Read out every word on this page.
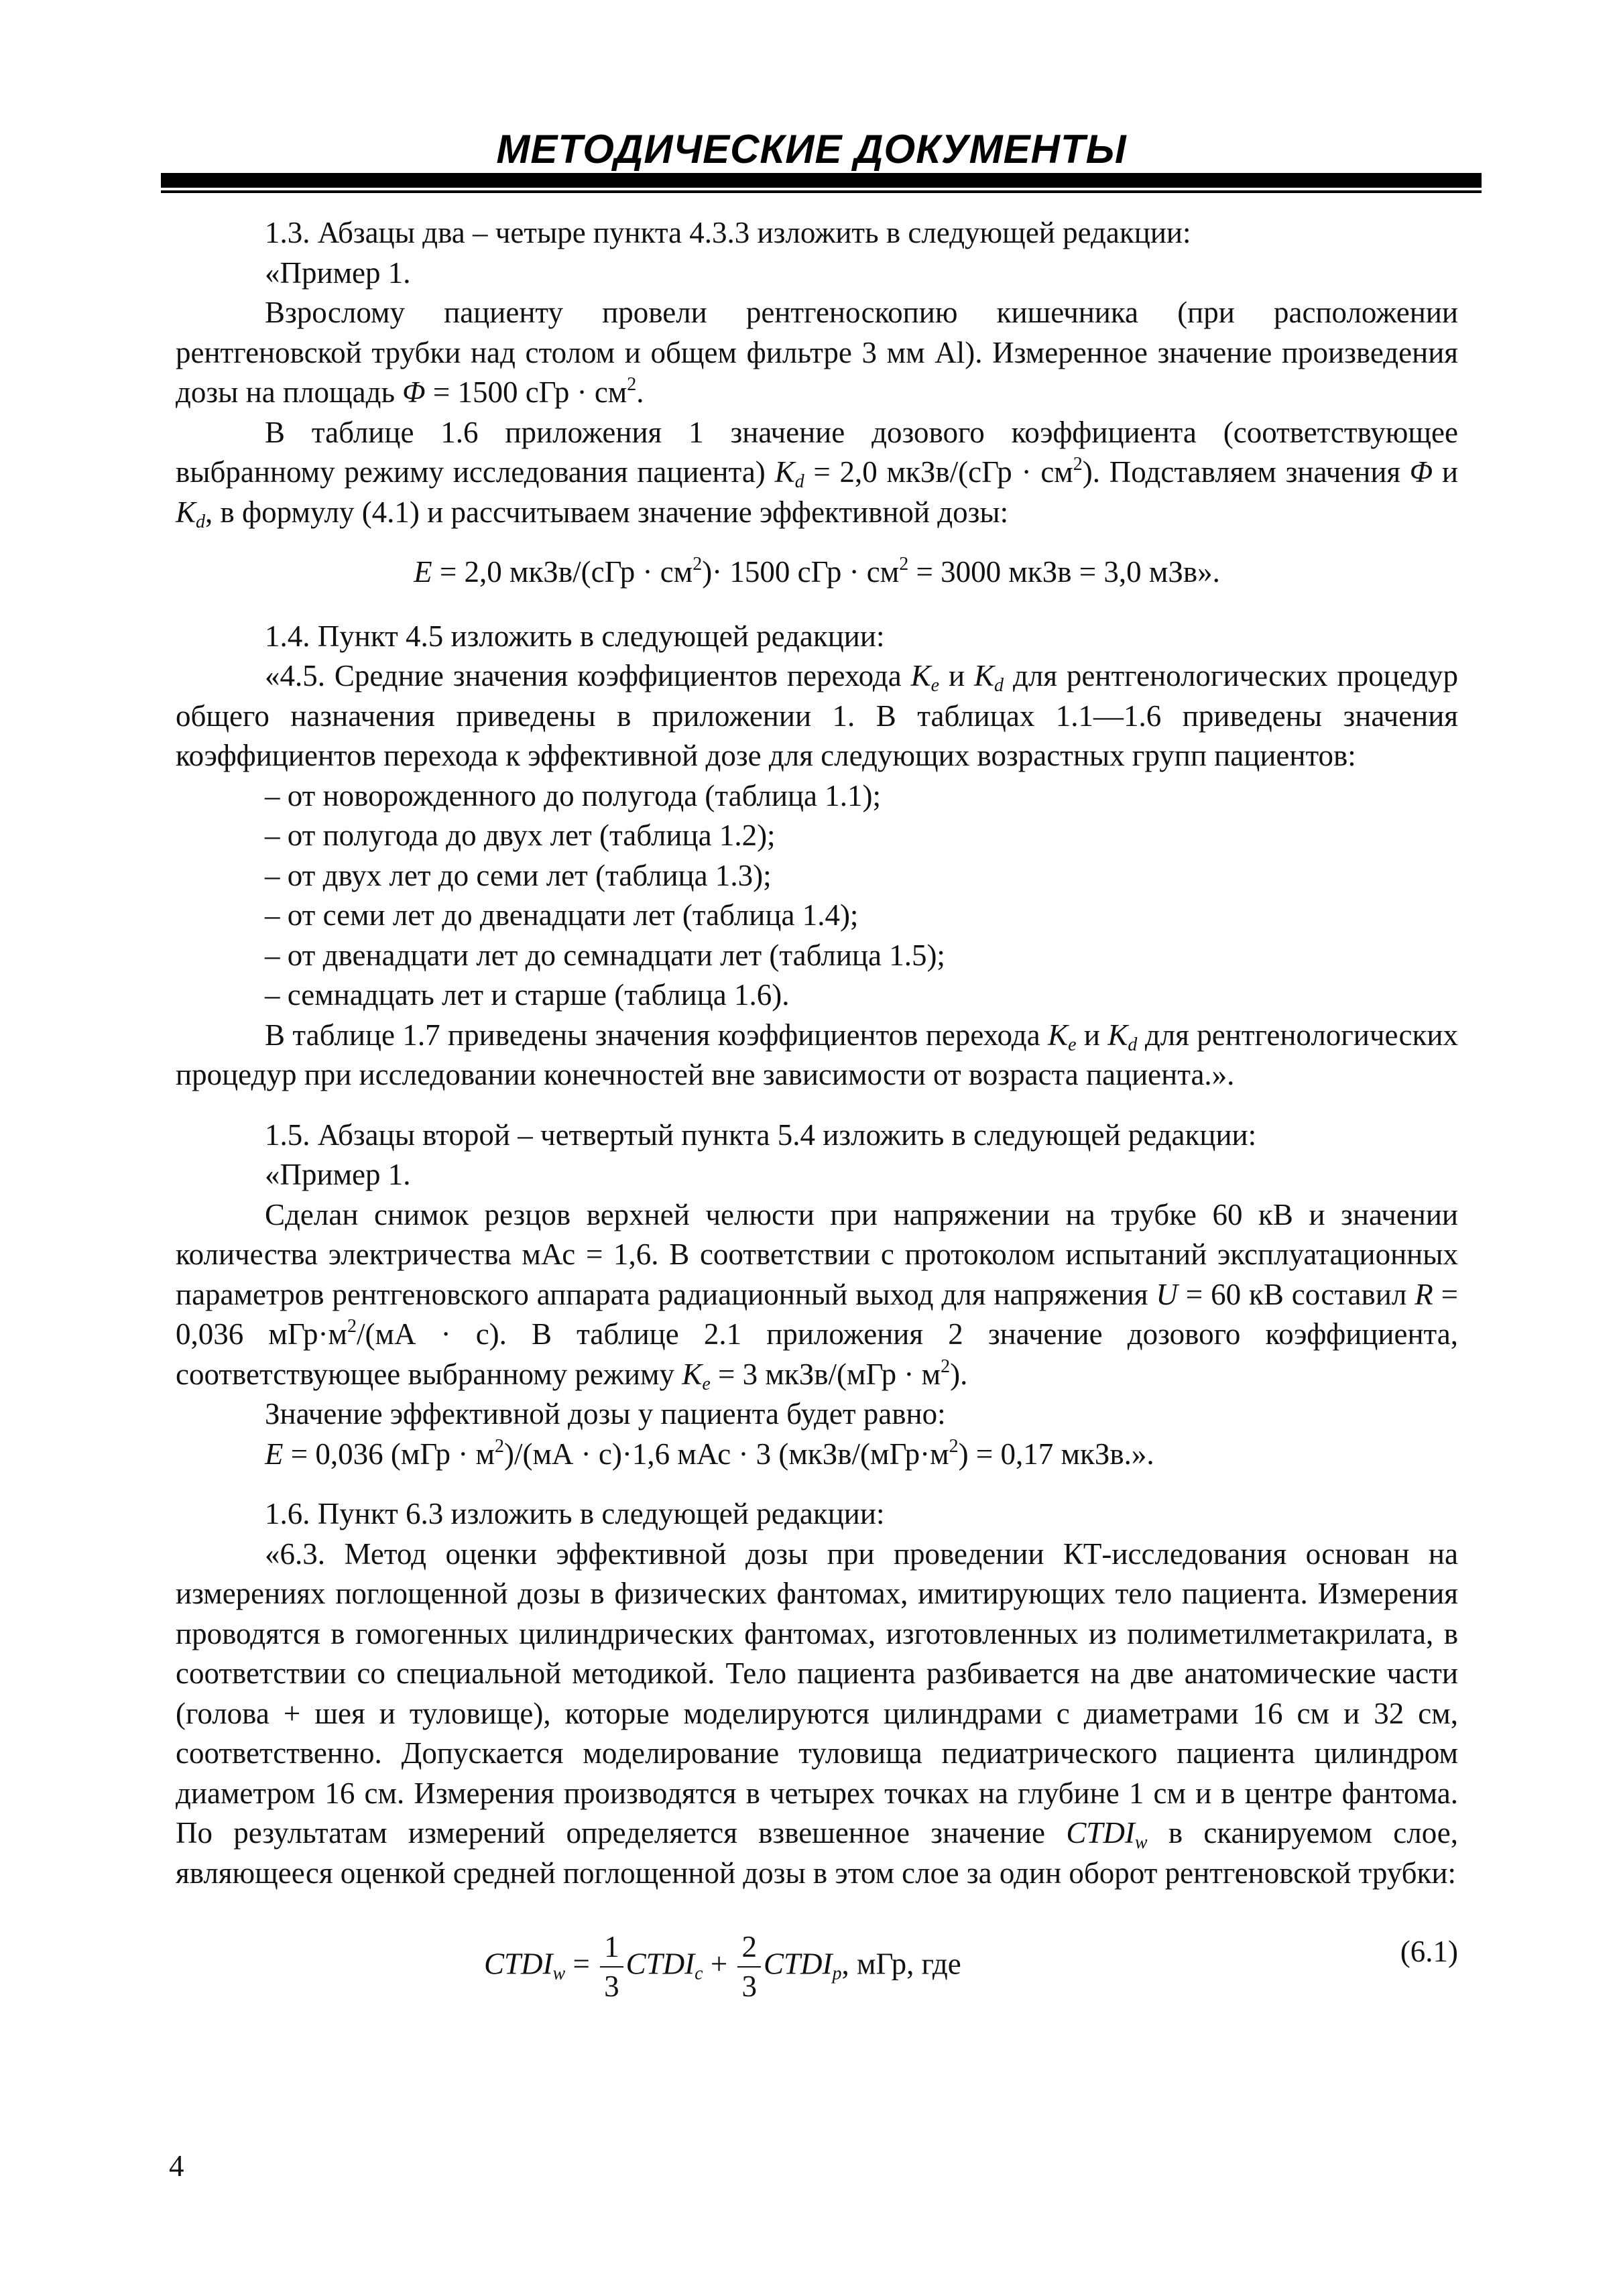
МЕТОДИЧЕСКИЕ ДОКУМЕНТЫ

1.3. Абзацы два – четыре пункта 4.3.3 изложить в следующей редакции:

«Пример 1.

Взрослому пациенту провели рентгеноскопию кишечника (при расположении рентгеновской трубки над столом и общем фильтре 3 мм Al). Измеренное значение произведения дозы на площадь Φ = 1500 сГр · $см^2$.

В таблице 1.6 приложения 1 значение дозового коэффициента (соответствующее выбранному режиму исследования пациента) $K_d = 2,0$ мкЗв/(сГр · $см^2$). Подставляем значения Φ и $K_d$, в формулу (4.1) и рассчитываем значение эффективной дозы:

E = 2,0 мкЗв/(сГр · $см^2)\cdot 1500$ сГр · $см^2 = 3000$ мкЗв = 3,0 мЗв».

1.4. Пункт 4.5 изложить в следующей редакции:

«4.5. Средние значения коэффициентов перехода $K_e$ и $K_d$ для рентгенологических процедур общего назначения приведены в приложении 1. В таблицах 1.1—1.6 приведены значения коэффициентов перехода к эффективной дозе для следующих возрастных групп пациентов:

– от новорожденного до полугода (таблица 1.1);

– от полугода до двух лет (таблица 1.2);

– от двух лет до семи лет (таблица 1.3);

– от семи лет до двенадцати лет (таблица 1.4);

– от двенадцати лет до семнадцати лет (таблица 1.5);

– семнадцать лет и старше (таблица 1.6).

В таблице 1.7 приведены значения коэффициентов перехода $K_e$ и $K_d$ для рентгенологических процедур при исследовании конечностей вне зависимости от возраста пациента.».

1.5. Абзацы второй – четвертый пункта 5.4 изложить в следующей редакции:

«Пример 1.

Сделан снимок резцов верхней челюсти при напряжении на трубке 60 кВ и значении количества электричества мАс = 1,6. В соответствии с протоколом испытаний эксплуатационных параметров рентгеновского аппарата радиационный выход для напряжения U = 60 кВ составил R = 0,036 $мГр\cdot м^2/(мА \cdot с)$. В таблице 2.1 приложения 2 значение дозового коэффициента, соответствующее выбранному режиму $K_e = 3$ мкЗв/(мГр · $м^2$).

Значение эффективной дозы у пациента будет равно:

E = 0,036 $(мГр \cdot м^2)/(мА \cdot с)\cdot 1,6$ мАс · 3 ($мкЗв/(мГр\cdot м^2) = 0,17$ мкЗв.».

1.6. Пункт 6.3 изложить в следующей редакции:

«6.3. Метод оценки эффективной дозы при проведении КТ-исследования основан на измерениях поглощенной дозы в физических фантомах, имитирующих тело пациента. Измерения проводятся в гомогенных цилиндрических фантомах, изготовленных из полиметилметакрилата, в соответствии со специальной методикой. Тело пациента разбивается на две анатомические части (голова + шея и туловище), которые моделируются цилиндрами с диаметрами 16 см и 32 см, соответственно. Допускается моделирование туловища педиатрического пациента цилиндром диаметром 16 см. Измерения производятся в четырех точках на глубине 1 см и в центре фантома. По результатам измерений определяется взвешенное значение $CTDI_w$ в сканируемом слое, являющееся оценкой средней поглощенной дозы в этом слое за один оборот рентгеновской трубки:

$CTDI_w = \frac{1}{3}$ $CTDI_c + \frac{2}{3}$ $CTDI_p$, мГр, где	(6.1)
4
